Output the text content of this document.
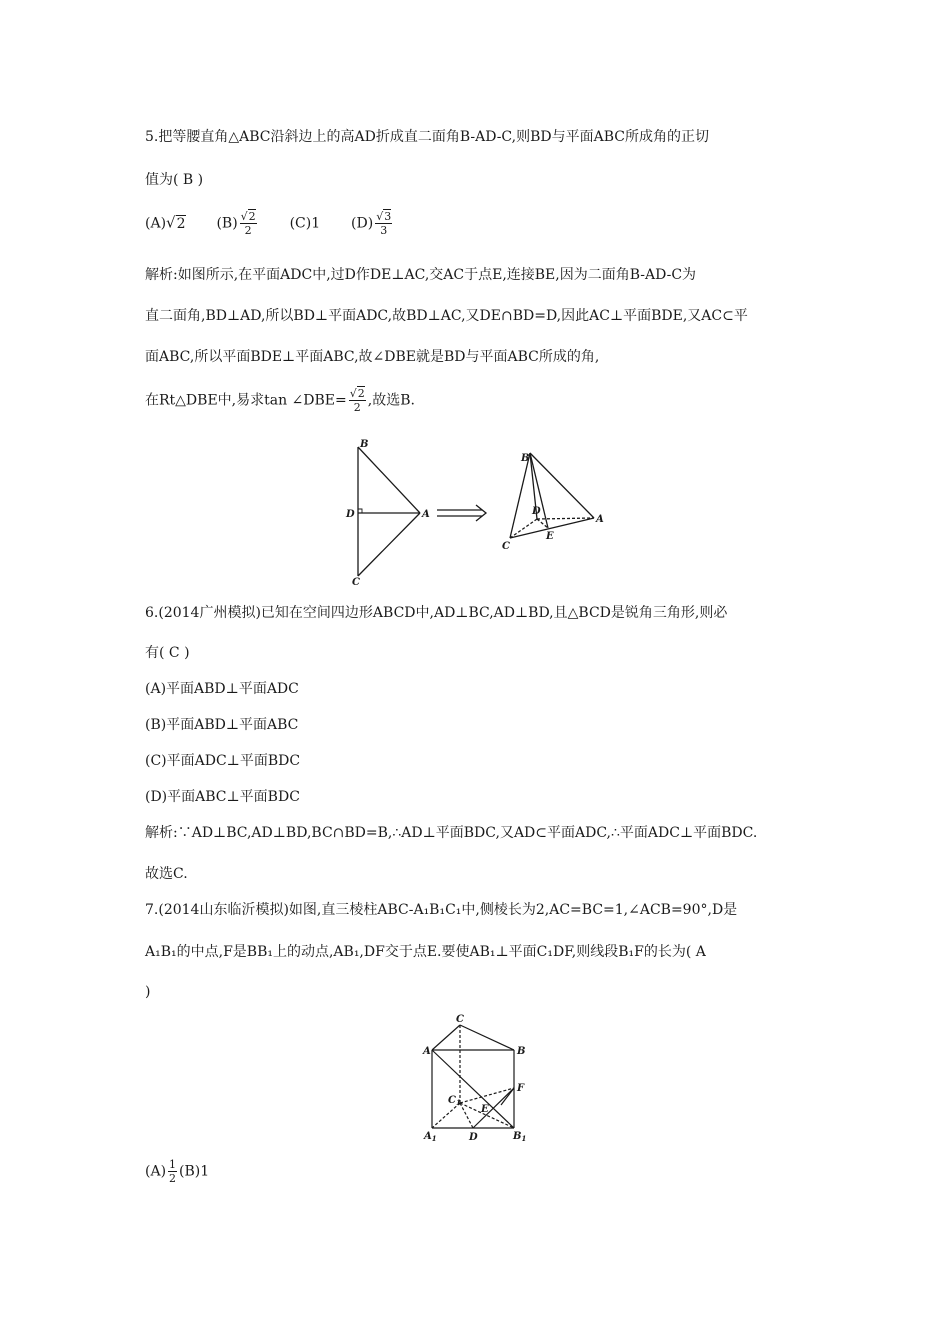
5.把等腰直角△ABC沿斜边上的高AD折成直二面角B-AD-C,则BD与平面ABC所成角的正切
值为( B )
(A)√2 $(B) \frac{√2}{2} (C)1$ $(D) \frac{√3}{3}$
解析:如图所示,在平面ADC中,过D作DE⊥AC,交AC于点E,连接BE,因为二面角B-AD-C为
直二面角,BD⊥AD,所以BD⊥平面ADC,故BD⊥AC,又DE∩BD=D,因此AC⊥平面BDE,又AC⊂平
面ABC,所以平面BDE⊥平面ABC,故∠DBE就是BD与平面ABC所成的角,
在Rt△DBE中,易求tan ∠DBE= $\frac{√2}{2}$ ,故选B.
B
D	A
C
B
D
A
C
E
6.(2014广州模拟)已知在空间四边形ABCD中,AD⊥BC,AD⊥BD,且△BCD是锐角三角形,则必
有( C )
(A)平面ABD⊥平面ADC
(B)平面ABD⊥平面ABC
(C)平面ADC⊥平面BDC
(D)平面ABC⊥平面BDC
解析:∵AD⊥BC,AD⊥BD,BC∩BD=B,∴AD⊥平面BDC,又AD⊂平面ADC,∴平面ADC⊥平面BDC.
故选C.
7.(2014山东临沂模拟)如图,直三棱柱ABC-A₁B₁C₁中,侧棱长为2,AC=BC=1,∠ACB=90°,D是
A₁B₁的中点,F是BB₁上的动点,AB₁,DF交于点E.要使AB₁⊥平面C₁DF,则线段B₁F的长为( A
)
C
A	B
F
$C_1$
E
$A_1$	D	$B_1$
$(A) \frac{1}{2} (B)1$
